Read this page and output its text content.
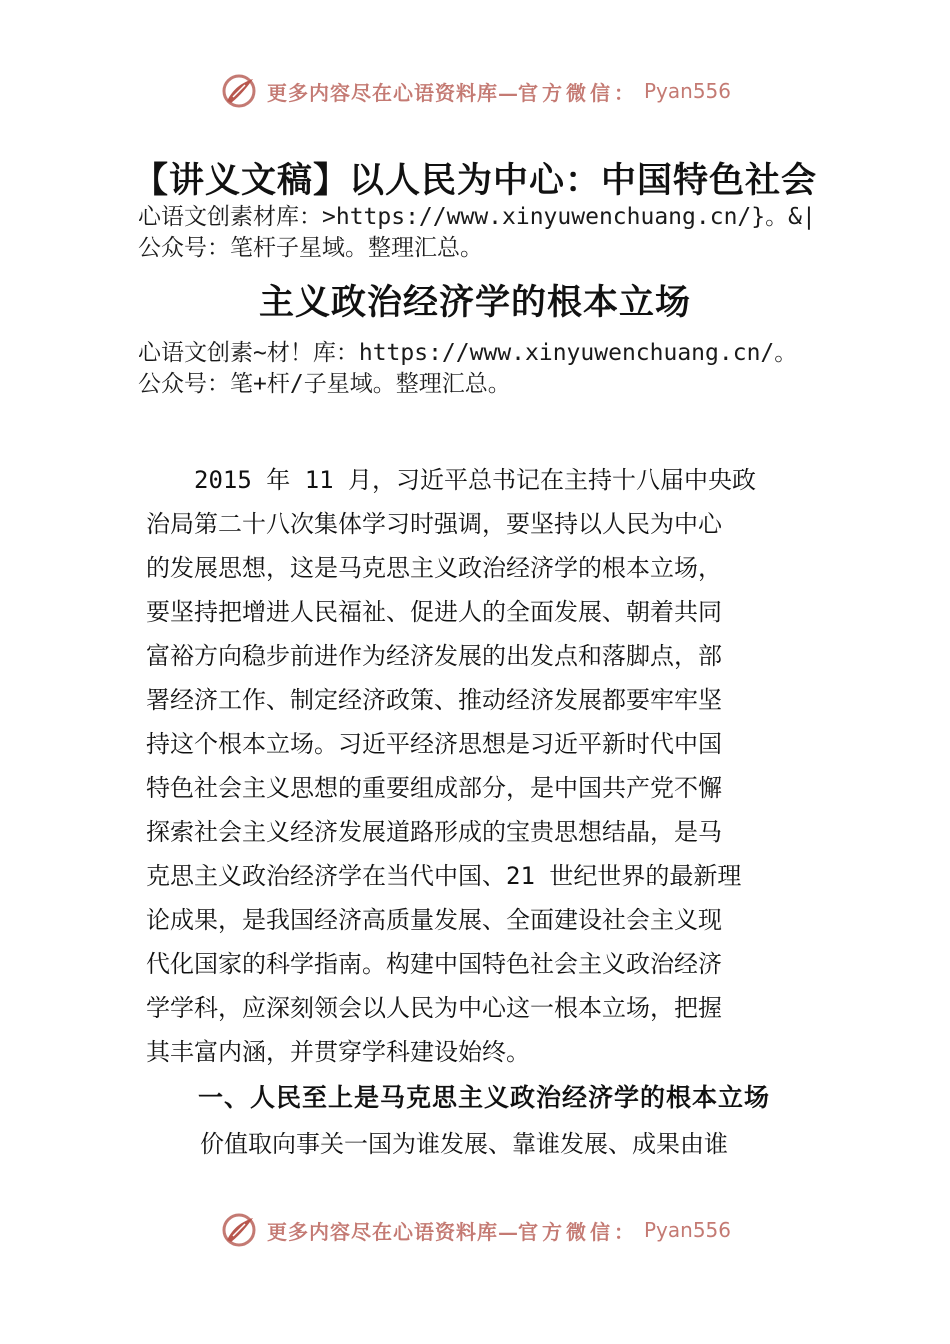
更多内容尽在心语资料库 —官方微信： Pyan556
【讲义文稿】以人民为中心：中国特色社会
心语文创素材库：>https://www.xinyuwenchuang.cn/}。&|
公众号：笔杆子星域。整理汇总。
主义政治经济学的根本立场
心语文创素~材！库：https://www.xinyuwenchuang.cn/。
公众号：笔+杆/子星域。整理汇总。
　　2015 年 11 月，习近平总书记在主持十八届中央政
治局第二十八次集体学习时强调，要坚持以人民为中心
的发展思想，这是马克思主义政治经济学的根本立场，
要坚持把增进人民福祉、促进人的全面发展、朝着共同
富裕方向稳步前进作为经济发展的出发点和落脚点，部
署经济工作、制定经济政策、推动经济发展都要牢牢坚
持这个根本立场。习近平经济思想是习近平新时代中国
特色社会主义思想的重要组成部分，是中国共产党不懈
探索社会主义经济发展道路形成的宝贵思想结晶，是马
克思主义政治经济学在当代中国、21 世纪世界的最新理
论成果，是我国经济高质量发展、全面建设社会主义现
代化国家的科学指南。构建中国特色社会主义政治经济
学学科，应深刻领会以人民为中心这一根本立场，把握
其丰富内涵，并贯穿学科建设始终。
一、人民至上是马克思主义政治经济学的根本立场

价值取向事关一国为谁发展、靠谁发展、成果由谁

更多内容尽在心语资料库 —官方微信： Pyan556
